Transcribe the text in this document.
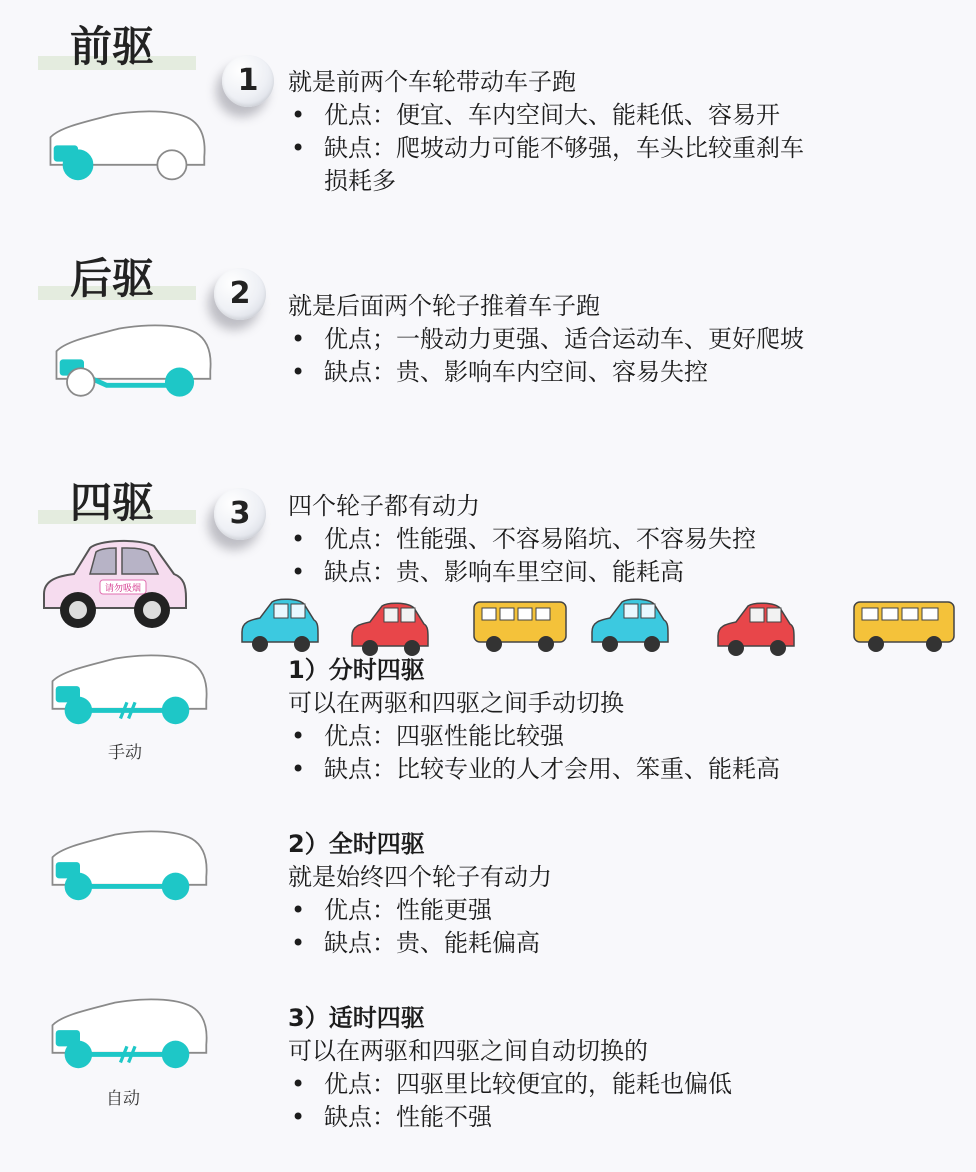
前驱
1	就是前两个车轮带动车子跑
• 优点：便宜、车内空间大、能耗低、容易开
• 缺点：爬坡动力可能不够强，车头比较重刹车
损耗多
后驱	2	就是后面两个轮子推着车子跑
• 优点；一般动力更强、适合运动车、更好爬坡
• 缺点：贵、影响车内空间、容易失控
四驱	3
请勿吸烟
四个轮子都有动力
• 优点：性能强、不容易陷坑、不容易失控
• 缺点：贵、影响车里空间、能耗高
手动
1）分时四驱
可以在两驱和四驱之间手动切换
• 优点：四驱性能比较强
• 缺点：比较专业的人才会用、笨重、能耗高
2）全时四驱
就是始终四个轮子有动力
• 优点：性能更强
• 缺点：贵、能耗偏高
自动
3）适时四驱
可以在两驱和四驱之间自动切换的
• 优点：四驱里比较便宜的，能耗也偏低
• 缺点：性能不强
